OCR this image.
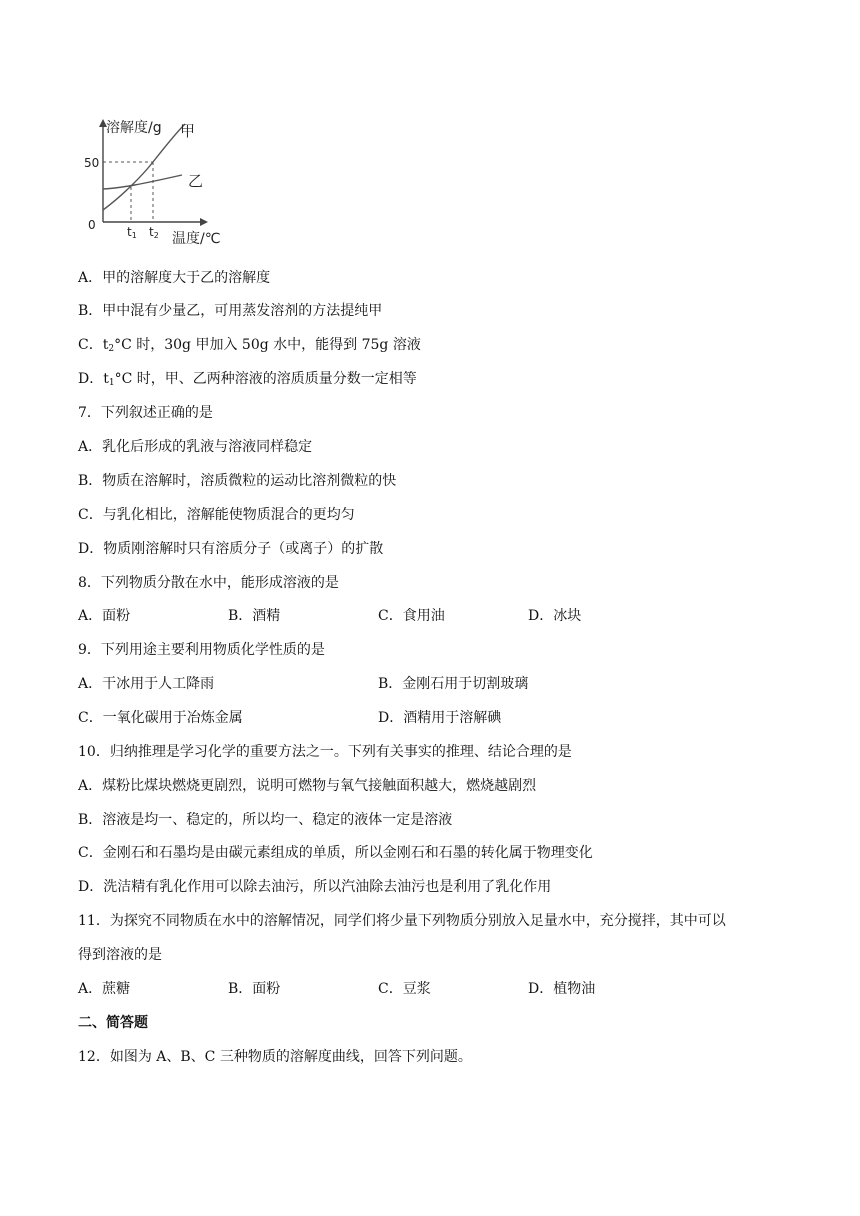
溶解度/g 甲
乙
50
0	t1 t2 温度/℃
A．甲的溶解度大于乙的溶解度
B．甲中混有少量乙，可用蒸发溶剂的方法提纯甲
C．$t_2^\circ C$ 时，30g 甲加入 50g 水中，能得到 75g 溶液
D．$t_1^\circ C$ 时，甲、乙两种溶液的溶质质量分数一定相等
7．下列叙述正确的是
A．乳化后形成的乳液与溶液同样稳定
B．物质在溶解时，溶质微粒的运动比溶剂微粒的快
C．与乳化相比，溶解能使物质混合的更均匀
D．物质刚溶解时只有溶质分子（或离子）的扩散
8．下列物质分散在水中，能形成溶液的是
A．面粉	B．酒精	C．食用油	D．冰块
9．下列用途主要利用物质化学性质的是
A．干冰用于人工降雨	B．金刚石用于切割玻璃
C．一氧化碳用于冶炼金属	D．酒精用于溶解碘
10．归纳推理是学习化学的重要方法之一。下列有关事实的推理、结论合理的是
A．煤粉比煤块燃烧更剧烈，说明可燃物与氧气接触面积越大，燃烧越剧烈
B．溶液是均一、稳定的，所以均一、稳定的液体一定是溶液
C．金刚石和石墨均是由碳元素组成的单质，所以金刚石和石墨的转化属于物理变化
D．洗洁精有乳化作用可以除去油污，所以汽油除去油污也是利用了乳化作用
11．为探究不同物质在水中的溶解情况，同学们将少量下列物质分别放入足量水中，充分搅拌，其中可以
得到溶液的是
A．蔗糖	B．面粉	C．豆浆	D．植物油
二、简答题
12．如图为 A、B、C 三种物质的溶解度曲线，回答下列问题。
